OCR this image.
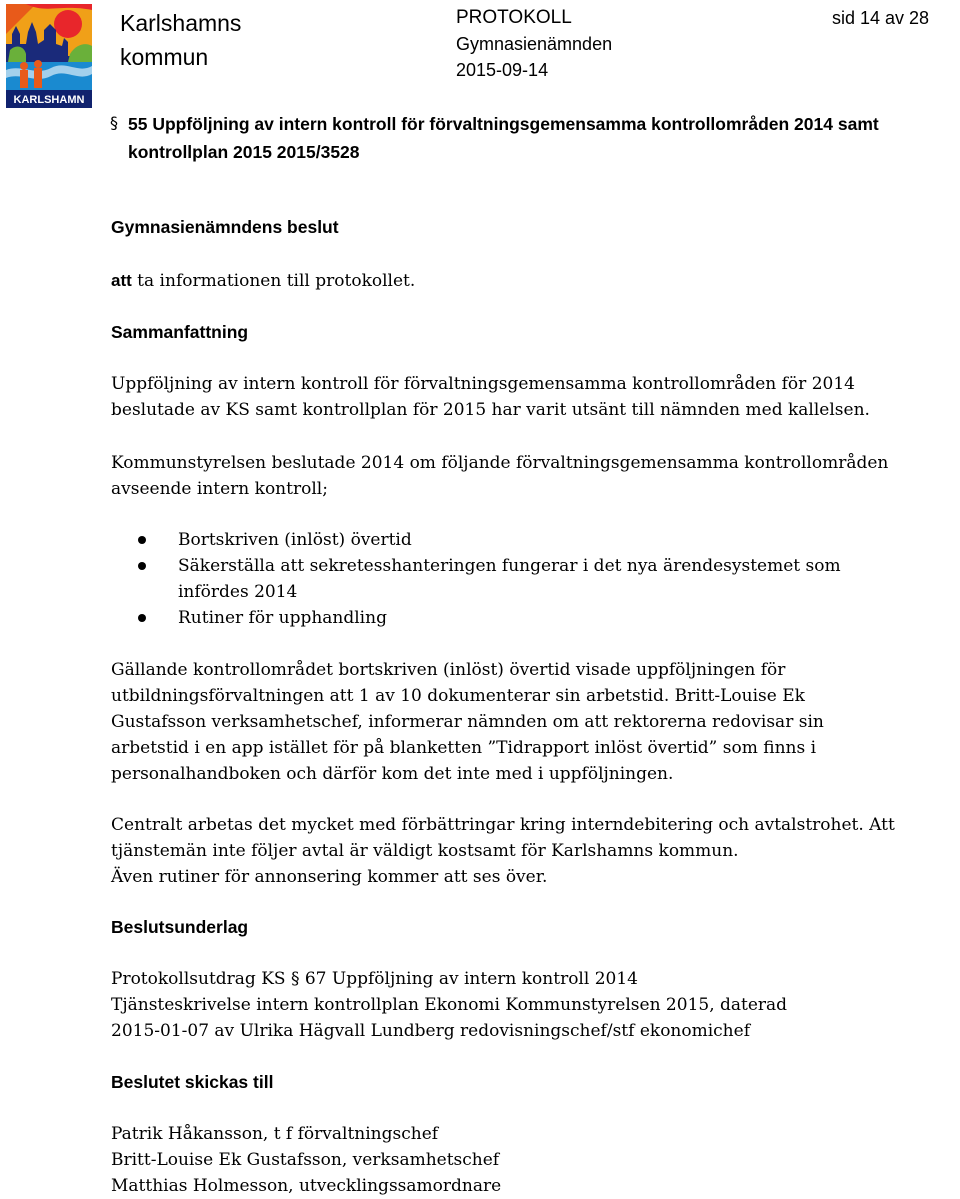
KARLSHAMN
Karlshamns
kommun
PROTOKOLL
Gymnasienämnden
2015-09-14
sid 14 av 28
§ 55 Uppföljning av intern kontroll för förvaltningsgemensamma kontrollområden 2014 samt kontrollplan 2015 2015/3528
Gymnasienämndens beslut

att ta informationen till protokollet.

Sammanfattning

Uppföljning av intern kontroll för förvaltningsgemensamma kontrollområden för 2014
beslutade av KS samt kontrollplan för 2015 har varit utsänt till nämnden med kallelsen.

Kommunstyrelsen beslutade 2014 om följande förvaltningsgemensamma kontrollområden
avseende intern kontroll;

Bortskriven (inlöst) övertid
Säkerställa att sekretesshanteringen fungerar i det nya ärendesystemet som
infördes 2014
Rutiner för upphandling

Gällande kontrollområdet bortskriven (inlöst) övertid visade uppföljningen för
utbildningsförvaltningen att 1 av 10 dokumenterar sin arbetstid. Britt-Louise Ek
Gustafsson verksamhetschef, informerar nämnden om att rektorerna redovisar sin
arbetstid i en app istället för på blanketten ”Tidrapport inlöst övertid” som finns i
personalhandboken och därför kom det inte med i uppföljningen.

Centralt arbetas det mycket med förbättringar kring interndebitering och avtalstrohet. Att
tjänstemän inte följer avtal är väldigt kostsamt för Karlshamns kommun.
Även rutiner för annonsering kommer att ses över.

Beslutsunderlag

Protokollsutdrag KS § 67 Uppföljning av intern kontroll 2014
Tjänsteskrivelse intern kontrollplan Ekonomi Kommunstyrelsen 2015, daterad
2015-01-07 av Ulrika Hägvall Lundberg redovisningschef/stf ekonomichef

Beslutet skickas till

Patrik Håkansson, t f förvaltningschef
Britt-Louise Ek Gustafsson, verksamhetschef
Matthias Holmesson, utvecklingssamordnare
